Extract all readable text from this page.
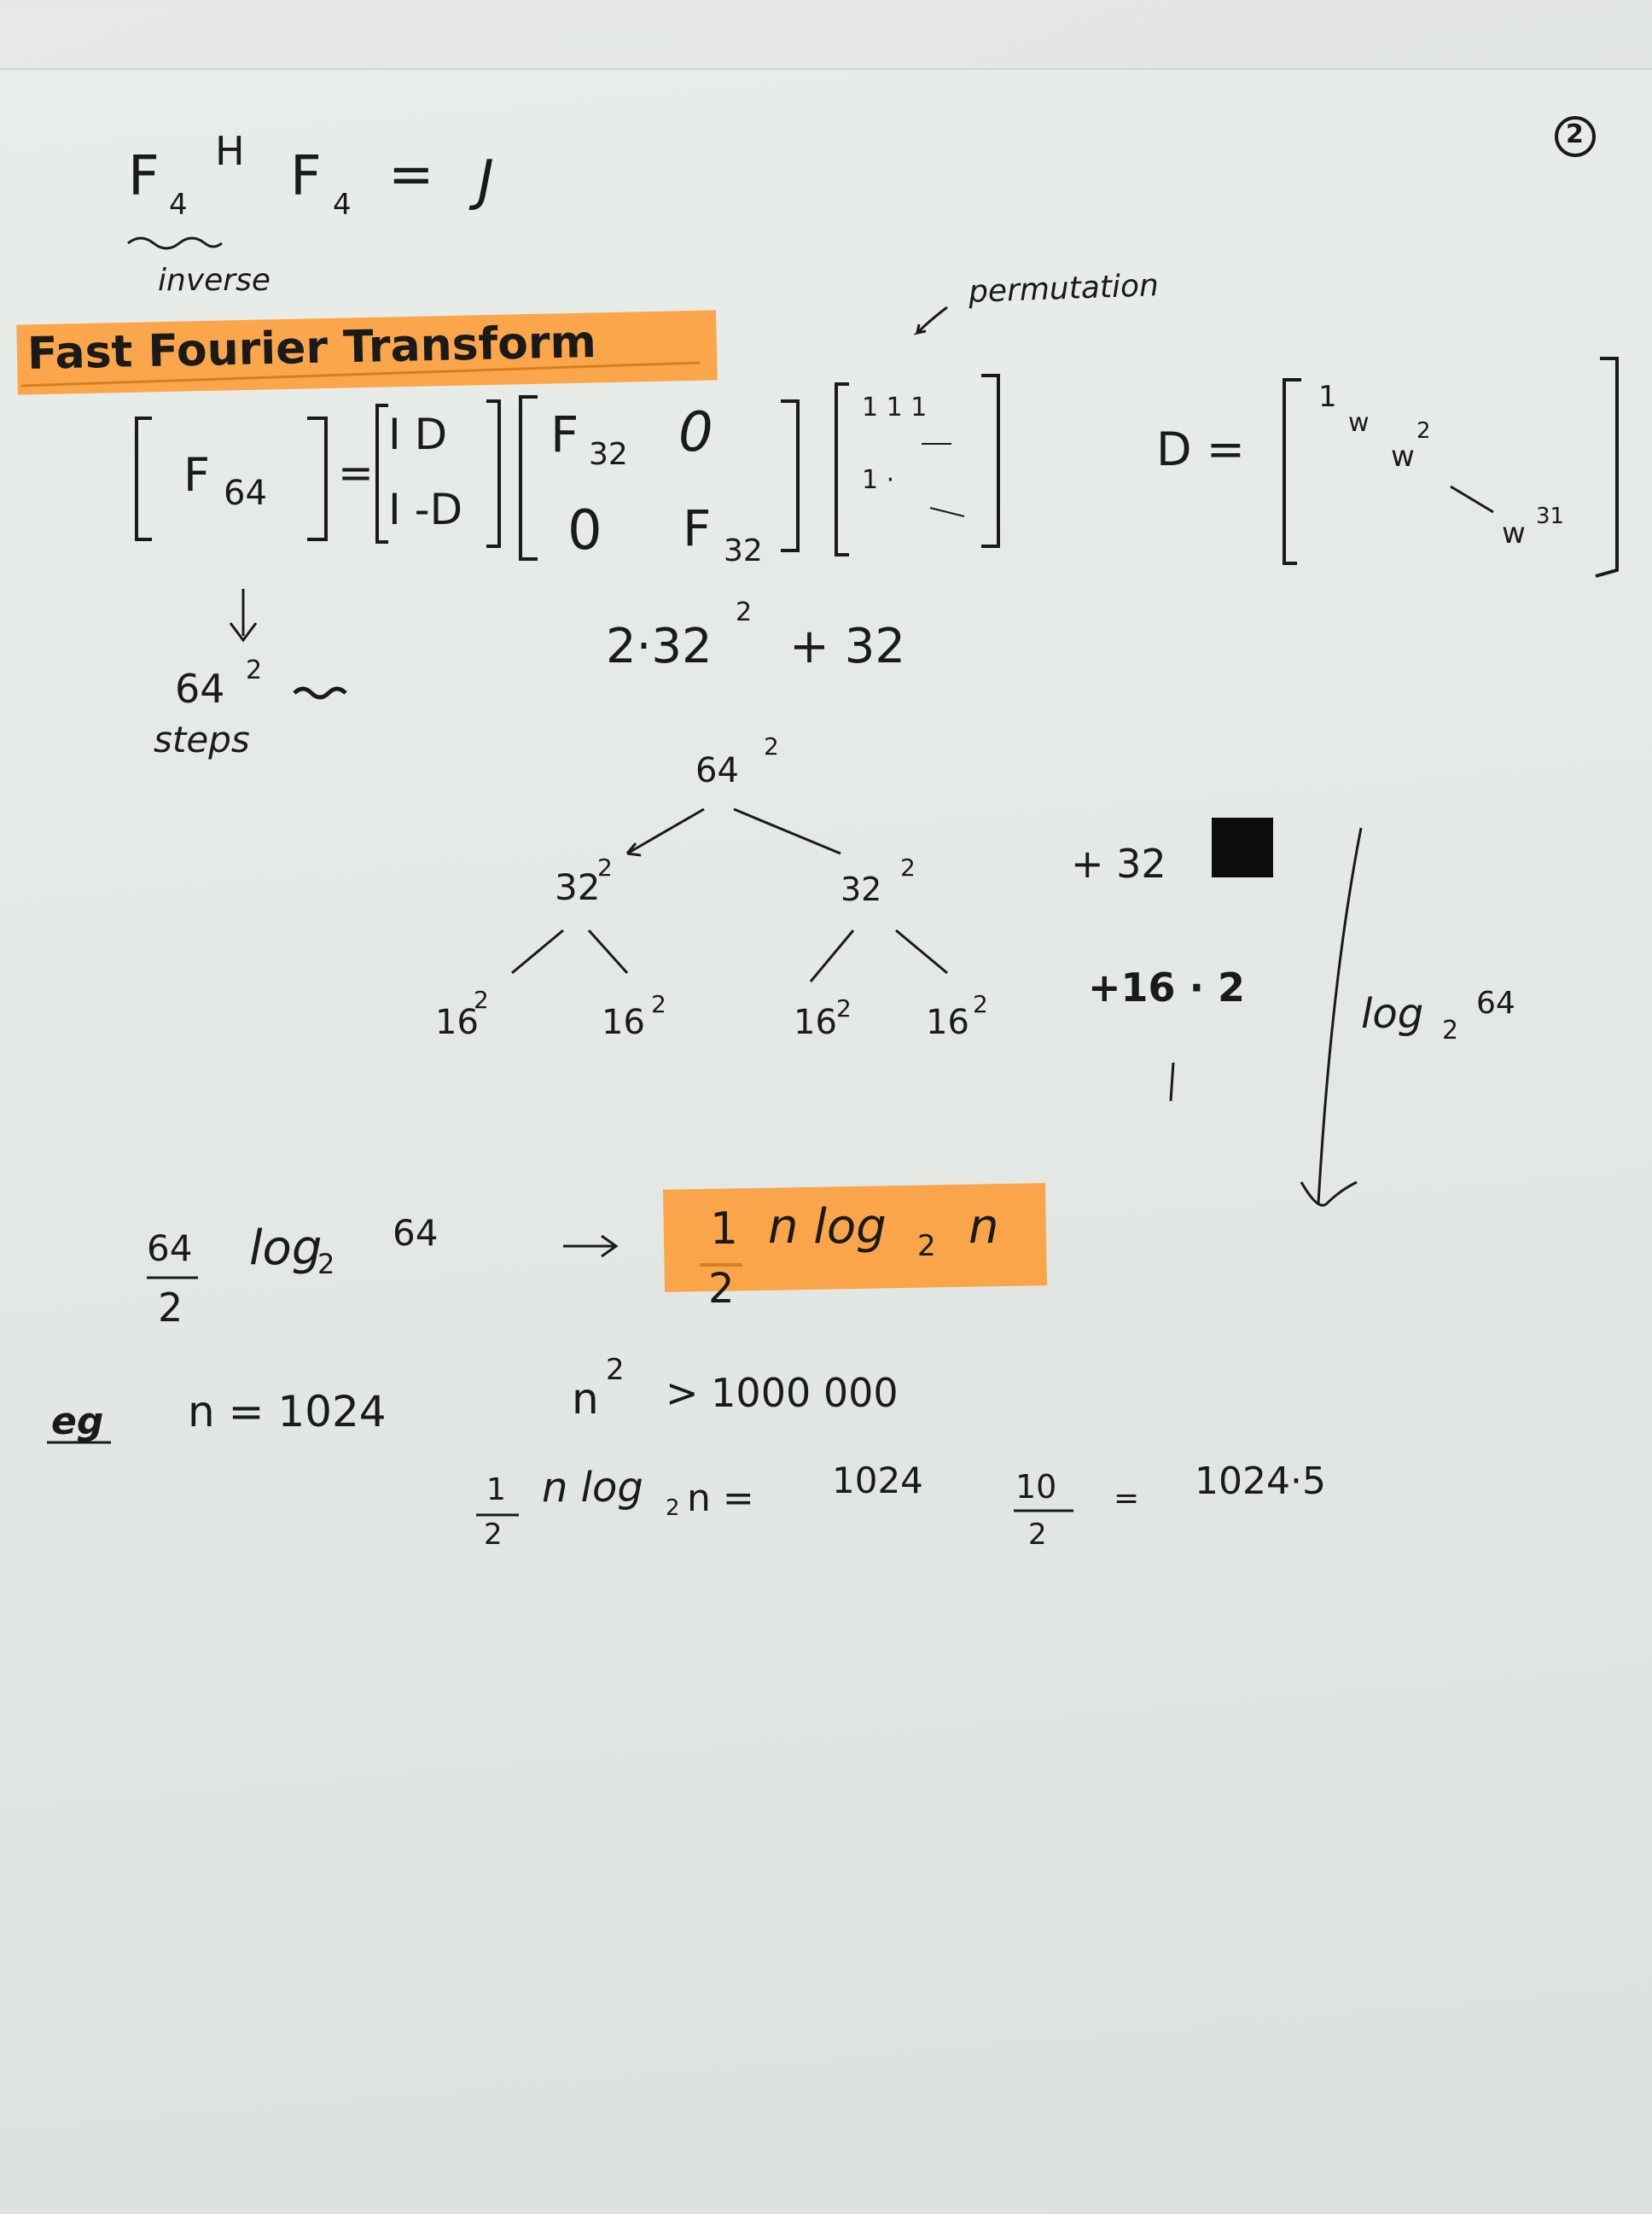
2
F 4
H F 4 = J
inverse	permutation
Fast Fourier Transform
F 64 =
I D
I -D
F 32 0
0 F 32
1 1 1
1 ·
D =
1
w
w
2
w 31
64 2
steps
2·32
2
+ 32
64
2
32
2
32
2
16
2
16 2	16 2 16 2
+ 32
+16 · 2
log 2
64
64
2
log
2
64	1
2
n log 2 n
eg n = 1024	n
2 > 1000 000
1
2
n log 2 n = 1024	10
2
= 1024·5
